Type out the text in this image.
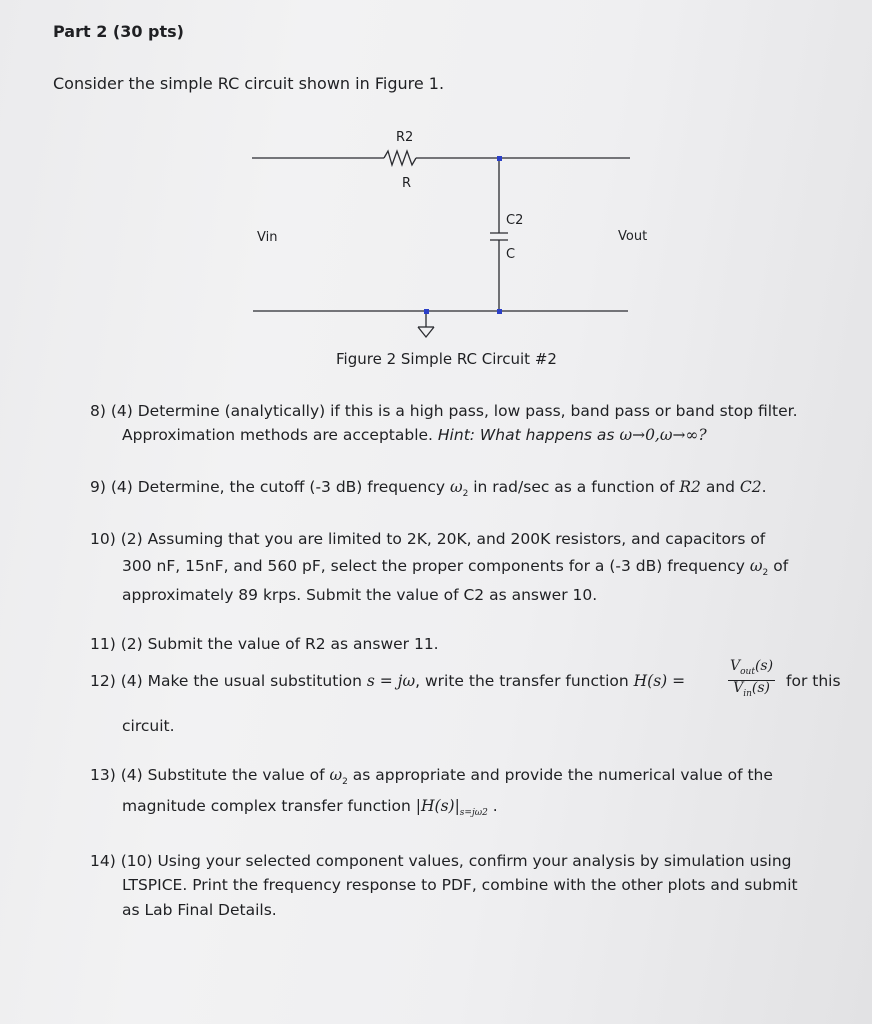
Part 2 (30 pts)
Consider the simple RC circuit shown in Figure 1.
R2
R
C2
C
Vin	Vout
Figure 2 Simple RC Circuit #2
8) (4) Determine (analytically) if this is a high pass, low pass, band pass or band stop filter.
Approximation methods are acceptable. Hint: What happens as ω→0,ω→∞?
9) (4) Determine, the cutoff (-3 dB) frequency $\omega_2$ in rad/sec as a function of R2 and C2.
10) (2) Assuming that you are limited to 2K, 20K, and 200K resistors, and capacitors of
300 nF, 15nF, and 560 pF, select the proper components for a (-3 dB) frequency $\omega_2$ of
approximately 89 krps. Submit the value of C2 as answer 10.
11) (2) Submit the value of R2 as answer 11.
12) (4) Make the usual substitution s = jω, write the transfer function H(s) =
$V_{out}(s)$
$V_{in}(s)$	for this
circuit.
13) (4) Substitute the value of $\omega_2$ as appropriate and provide the numerical value of the
magnitude complex transfer function $|H(s)|_{s=j\omega 2}$ .
14) (10) Using your selected component values, confirm your analysis by simulation using
LTSPICE. Print the frequency response to PDF, combine with the other plots and submit
as Lab Final Details.
